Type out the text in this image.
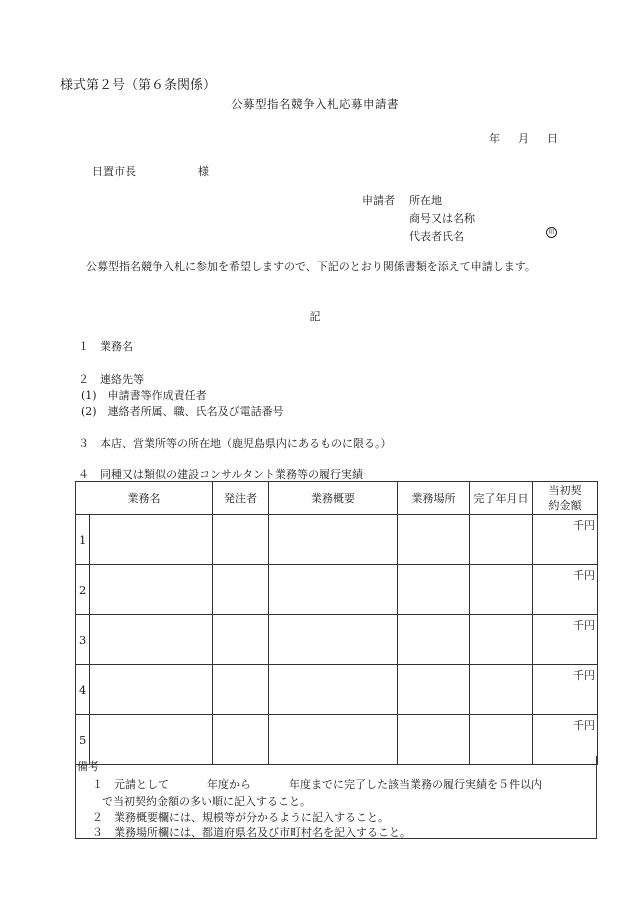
様式第２号（第６条関係）
公募型指名競争入札応募申請書
年 月 日
日置市長	様
申請者 所在地
商号又は名称
代表者氏名	印
公募型指名競争入札に参加を希望しますので、下記のとおり関係書類を添えて申請します。
記
１　業務名
２　連絡先等
(1)　申請書等作成責任者
(2)　連絡者所属、職、氏名及び電話番号
３　本店、営業所等の所在地（鹿児島県内にあるものに限る。）
４　同種又は類似の建設コンサルタント業務等の履行実績
業務名		発注者	業務概要	業務場所	完了年月日	当初契
約金額
1						千円
2						千円
3						千円
4						千円
5						千円
備考
１　元請として	年度から	年度までに完了した該当業務の履行実績を５件以内
で当初契約金額の多い順に記入すること。
２　業務概要欄には、規模等が分かるように記入すること。
３　業務場所欄には、都道府県名及び市町村名を記入すること。
